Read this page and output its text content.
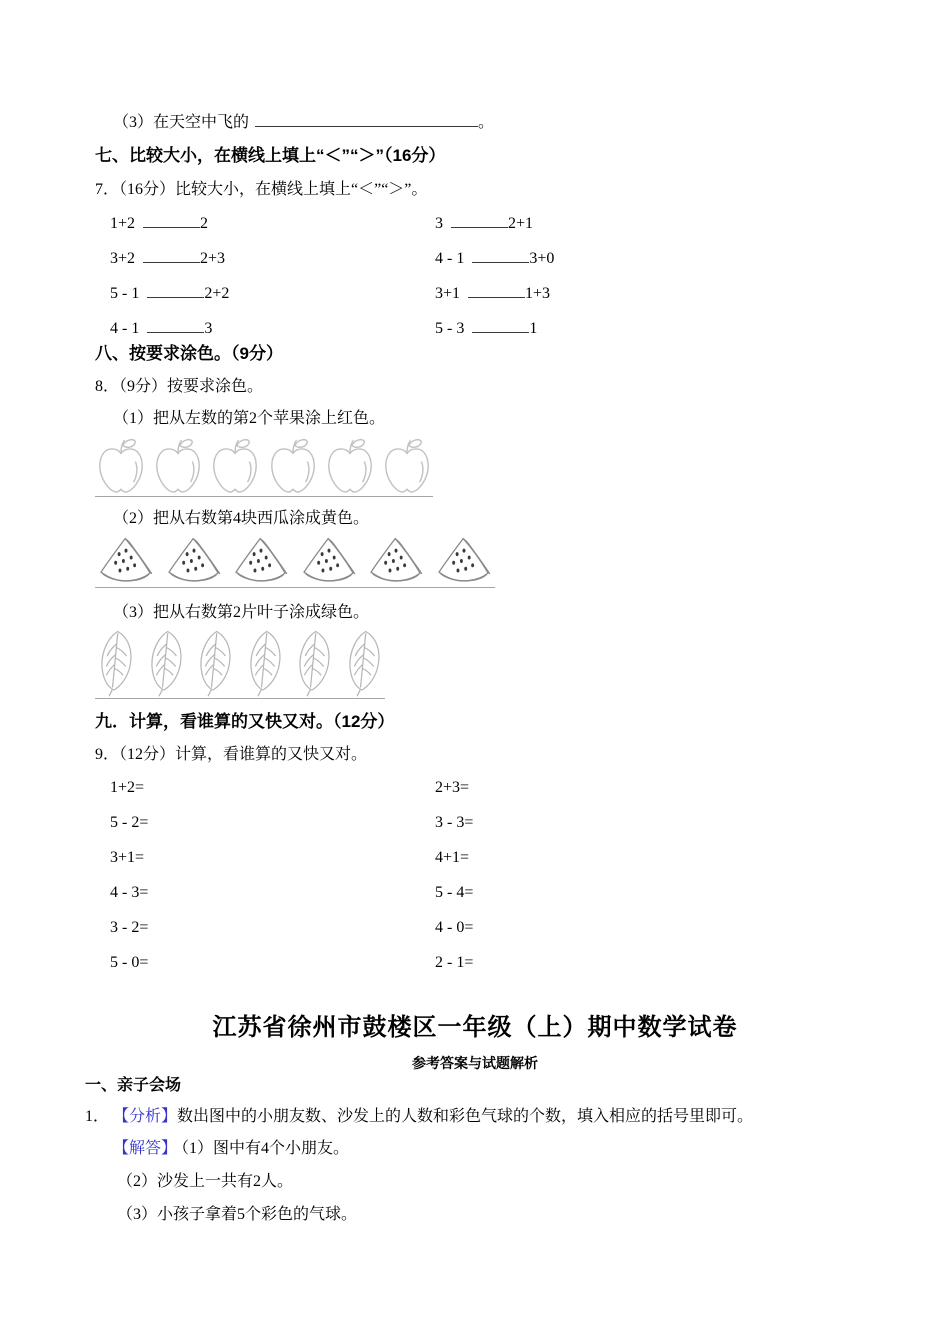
（3）在天空中飞的	。
七、比较大小，在横线上填上“＜”“＞”（16分）
7．（16分）比较大小，在横线上填上“＜”“＞”。
1+2	2	3	2+1
3+2	2+3	4 - 1	3+0
5 - 1	2+2	3+1	1+3
4 - 1	3	5 - 3	1
八、按要求涂色。（9分）
8．（9分）按要求涂色。
（1）把从左数的第2个苹果涂上红色。
（2）把从右数第4块西瓜涂成黄色。
（3）把从右数第2片叶子涂成绿色。
九．计算，看谁算的又快又对。（12分）
9．（12分）计算，看谁算的又快又对。
1+2=	2+3=
5 - 2=	3 - 3=
3+1=	4+1=
4 - 3=	5 - 4=
3 - 2=	4 - 0=
5 - 0=	2 - 1=
江苏省徐州市鼓楼区一年级（上）期中数学试卷
参考答案与试题解析
一、亲子会场
1． 【分析】数出图中的小朋友数、沙发上的人数和彩色气球的个数，填入相应的括号里即可。
【解答】 （1）图中有4个小朋友。
（2）沙发上一共有2人。
（3）小孩子拿着5个彩色的气球。
